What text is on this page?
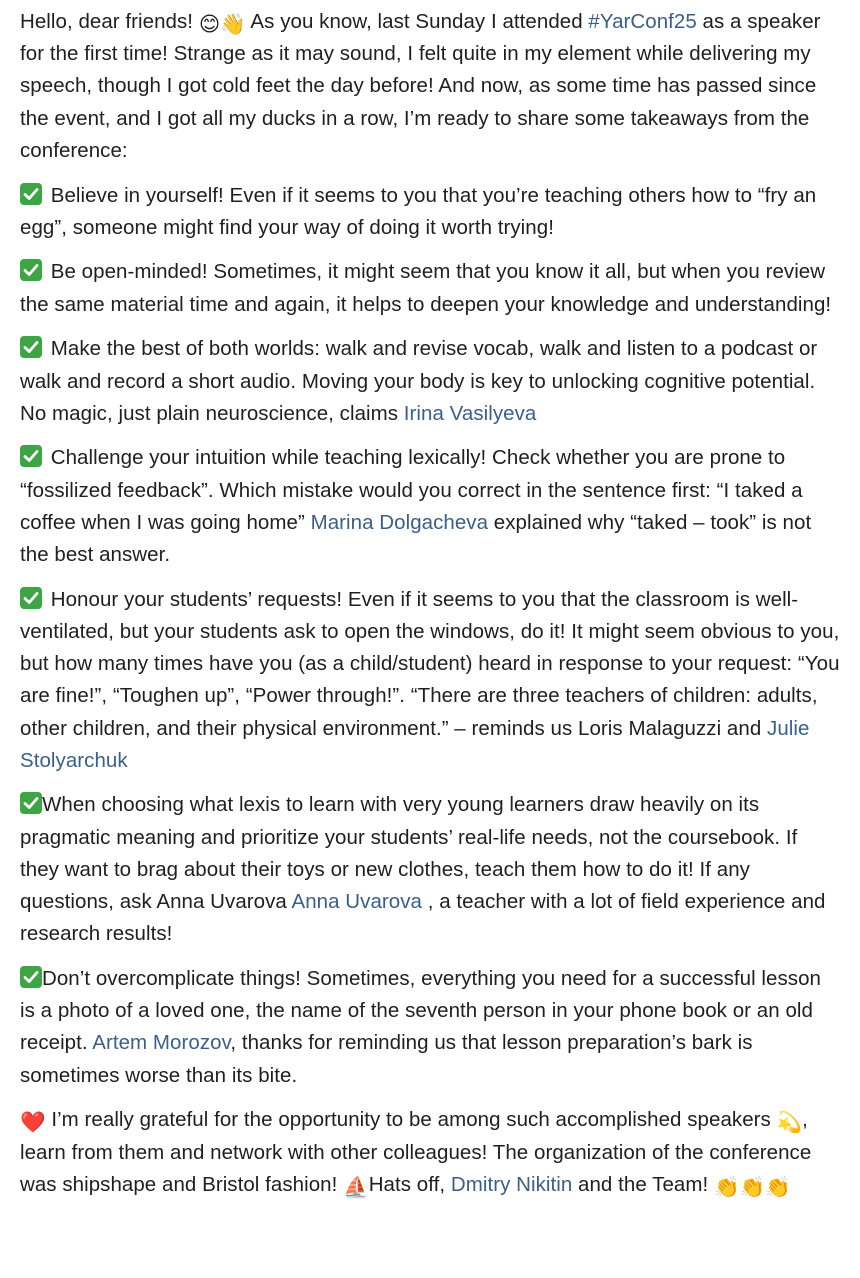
Hello, dear friends! 😊👋 As you know, last Sunday I attended #YarConf25 as a speaker for the first time! Strange as it may sound, I felt quite in my element while delivering my speech, though I got cold feet the day before! And now, as some time has passed since the event, and I got all my ducks in a row, I’m ready to share some takeaways from the conference:

Believe in yourself! Even if it seems to you that you’re teaching others how to “fry an egg”, someone might find your way of doing it worth trying!

Be open-minded! Sometimes, it might seem that you know it all, but when you review the same material time and again, it helps to deepen your knowledge and understanding!

Make the best of both worlds: walk and revise vocab, walk and listen to a podcast or walk and record a short audio. Moving your body is key to unlocking cognitive potential. No magic, just plain neuroscience, claims Irina Vasilyeva

Challenge your intuition while teaching lexically! Check whether you are prone to “fossilized feedback”. Which mistake would you correct in the sentence first: “I taked a coffee when I was going home” Marina Dolgacheva explained why “taked – took” is not the best answer.

Honour your students’ requests! Even if it seems to you that the classroom is well-ventilated, but your students ask to open the windows, do it! It might seem obvious to you, but how many times have you (as a child/student) heard in response to your request: “You are fine!”, “Toughen up”, “Power through!”. “There are three teachers of children: adults, other children, and their physical environment.” – reminds us Loris Malaguzzi and Julie Stolyarchuk

When choosing what lexis to learn with very young learners draw heavily on its pragmatic meaning and prioritize your students’ real-life needs, not the coursebook. If they want to brag about their toys or new clothes, teach them how to do it! If any questions, ask Anna Uvarova Anna Uvarova , a teacher with a lot of field experience and research results!

Don’t overcomplicate things! Sometimes, everything you need for a successful lesson is a photo of a loved one, the name of the seventh person in your phone book or an old receipt. Artem Morozov, thanks for reminding us that lesson preparation’s bark is sometimes worse than its bite.

❤️ I’m really grateful for the opportunity to be among such accomplished speakers 💫, learn from them and network with other colleagues! The organization of the conference was shipshape and Bristol fashion! ⛵Hats off, Dmitry Nikitin and the Team! 👏👏👏
